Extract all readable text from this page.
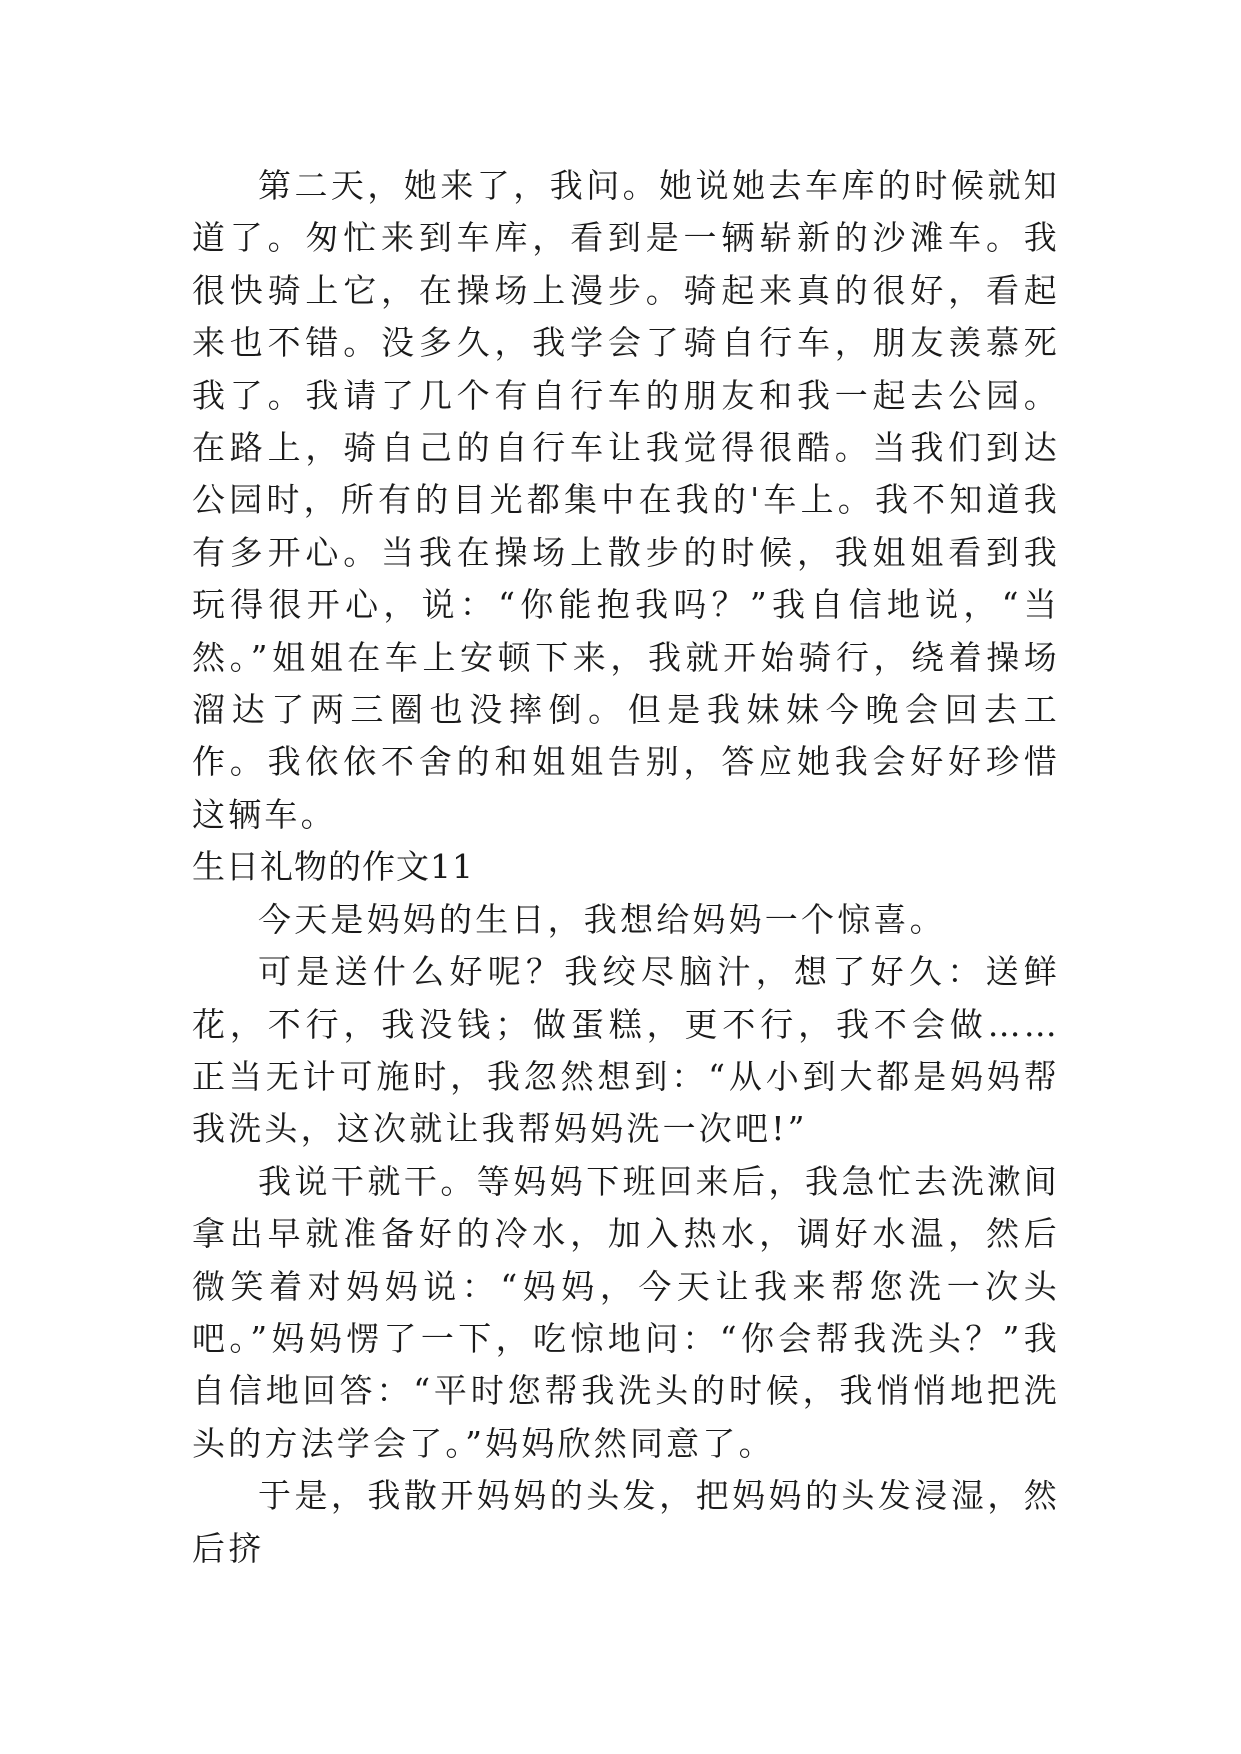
第二天，她来了，我问。她说她去车库的时候就知道了。匆忙来到车库，看到是一辆崭新的沙滩车。我很快骑上它，在操场上漫步。骑起来真的很好，看起来也不错。没多久，我学会了骑自行车，朋友羡慕死我了。我请了几个有自行车的朋友和我一起去公园。在路上，骑自己的自行车让我觉得很酷。当我们到达公园时，所有的目光都集中在我的'车上。我不知道我有多开心。当我在操场上散步的时候，我姐姐看到我玩得很开心，说：“你能抱我吗？”我自信地说，“当然。”姐姐在车上安顿下来，我就开始骑行，绕着操场溜达了两三圈也没摔倒。但是我妹妹今晚会回去工作。我依依不舍的和姐姐告别，答应她我会好好珍惜这辆车。

生日礼物的作文11

今天是妈妈的生日，我想给妈妈一个惊喜。

可是送什么好呢？我绞尽脑汁，想了好久：送鲜花，不行，我没钱；做蛋糕，更不行，我不会做……正当无计可施时，我忽然想到：“从小到大都是妈妈帮我洗头，这次就让我帮妈妈洗一次吧!”

我说干就干。等妈妈下班回来后，我急忙去洗漱间拿出早就准备好的冷水，加入热水，调好水温，然后微笑着对妈妈说：“妈妈，今天让我来帮您洗一次头吧。”妈妈愣了一下，吃惊地问：“你会帮我洗头？”我自信地回答：“平时您帮我洗头的时候，我悄悄地把洗头的方法学会了。”妈妈欣然同意了。

于是，我散开妈妈的头发，把妈妈的头发浸湿，然后挤
